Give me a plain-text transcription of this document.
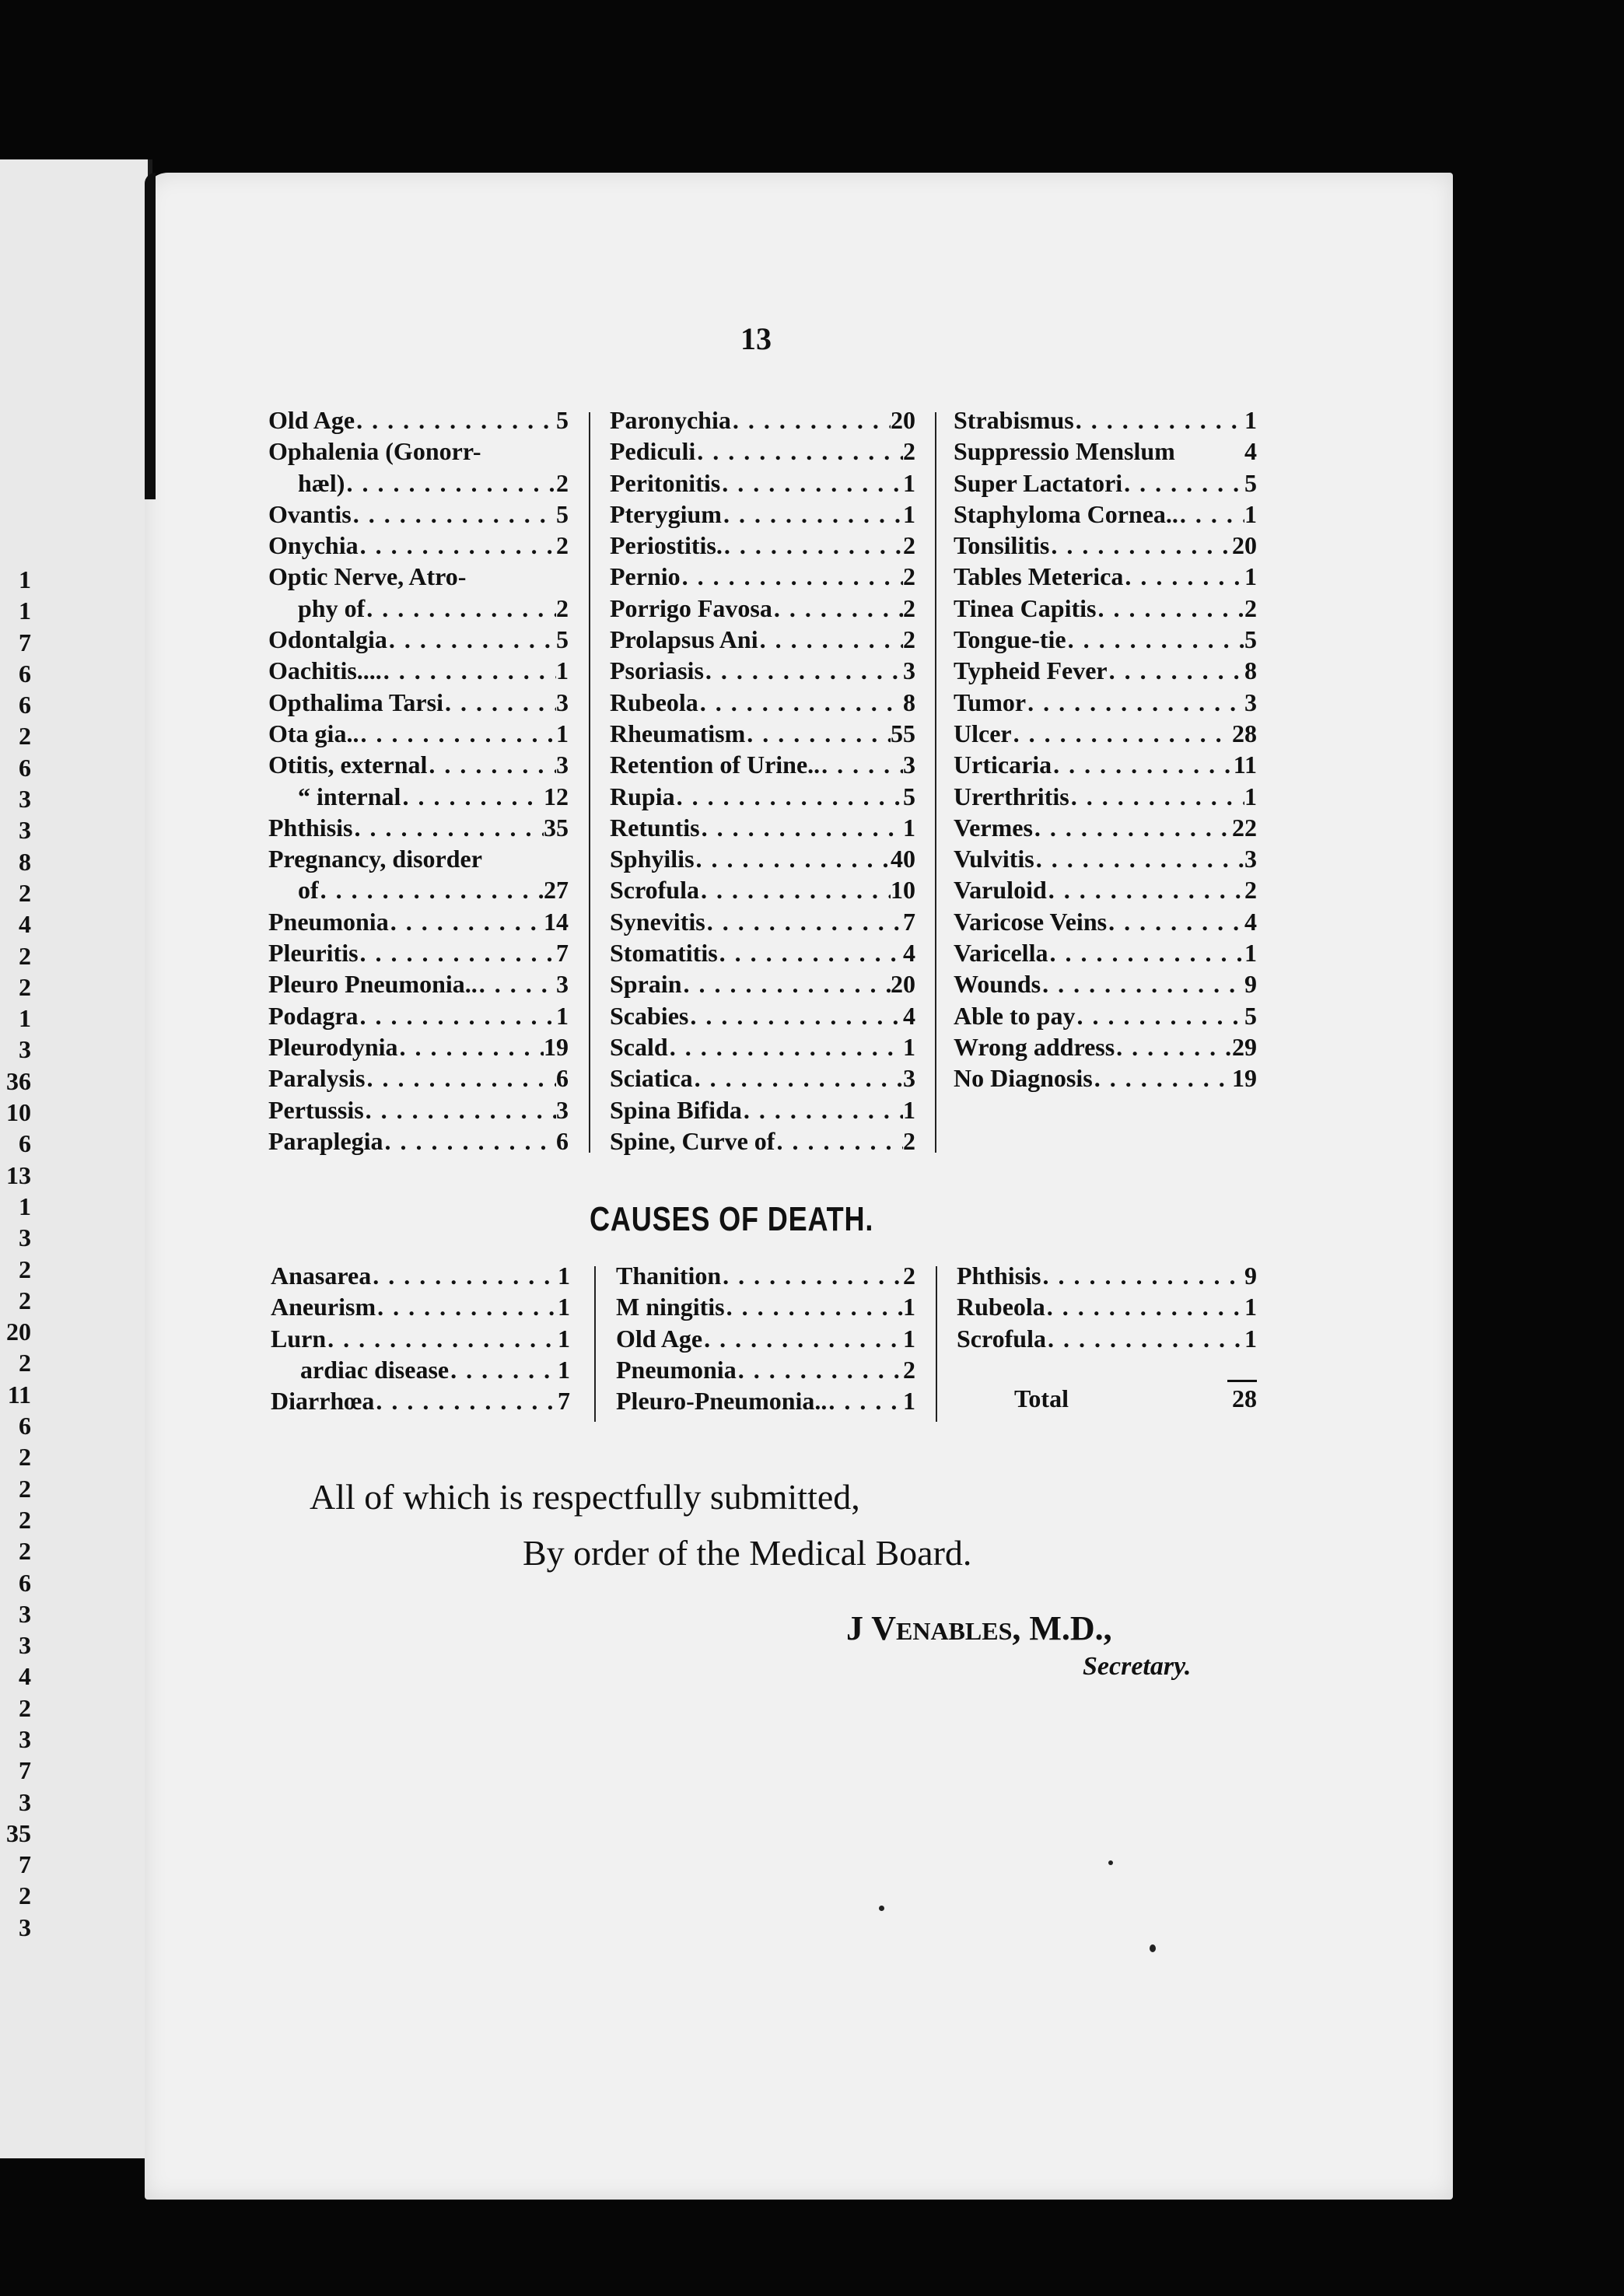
1
1
7
6
6
2
6
3
3
8
2
4
2
2
1
3
36
10
6
13
1
3
2
2
20
2
11
6
2
2
2
2
6
3
3
4
2
3
7
3
35
7
2
3
13
Old Age . . .	5
Ophalenia (Gonorr-
hæl) . . .	2
Ovantis . . .	5
Onychia . . .	2
Optic Nerve, Atro-
phy of . . .	2
Odontalgia . . .	5
Oachitis.... . . .	1
Opthalima Tarsi . . .	3
Ota gia.. . . .	1
Otitis, external . . .	3
“ internal . . .	12
Phthisis . . .	35
Pregnancy, disorder
of . . .	27
Pneumonia . . .	14
Pleuritis . . .	7
Pleuro Pneumonia.. . . .	3
Podagra . . .	1
Pleurodynia . . .	19
Paralysis . . .	6
Pertussis . . .	3
Paraplegia . . .	6
Paronychia . . .	20
Pediculi . . .	2
Peritonitis . . .	1
Pterygium . . .	1
Periostitis. . . .	2
Pernio . . .	2
Porrigo Favosa . . .	2
Prolapsus Ani . . .	2
Psoriasis . . .	3
Rubeola . . .	8
Rheumatism . . .	55
Retention of Urine.. . . .	3
Rupia . . .	5
Retuntis . . .	1
Sphyilis . . .	40
Scrofula . . .	10
Synevitis . . .	7
Stomatitis . . .	4
Sprain . . .	20
Scabies . . .	4
Scald . . .	1
Sciatica . . .	3
Spina Bifida . . .	1
Spine, Curve of . . .	2
Strabismus . . .	1
Suppressio Menslum	4
Super Lactatori . . .	5
Staphyloma Cornea.. . . .	1
Tonsilitis . . .	20
Tables Meterica . . .	1
Tinea Capitis . . .	2
Tongue-tie . . .	5
Typheid Fever . . .	8
Tumor . . .	3
Ulcer . . .	28
Urticaria . . .	11
Urerthritis . . .	1
Vermes . . .	22
Vulvitis . . .	3
Varuloid . . .	2
Varicose Veins . . .	4
Varicella . . .	1
Wounds . . .	9
Able to pay . . .	5
Wrong address . . .	29
No Diagnosis . . .	19
CAUSES OF DEATH.
Anasarea . . .	1
Aneurism . . .	1
Lurn . . .	1
ardiac disease . . .	1
Diarrhœa . . .	7
Thanition . . .	2
M ningitis . . .	1
Old Age . . .	1
Pneumonia . . .	2
Pleuro-Pneumonia.. . . .	1
Phthisis . . .	9
Rubeola . . .	1
Scrofula . . .	1
Total	28
All of which is respectfully submitted,
By order of the Medical Board.
J VENABLES, M.D.,
Secretary.
